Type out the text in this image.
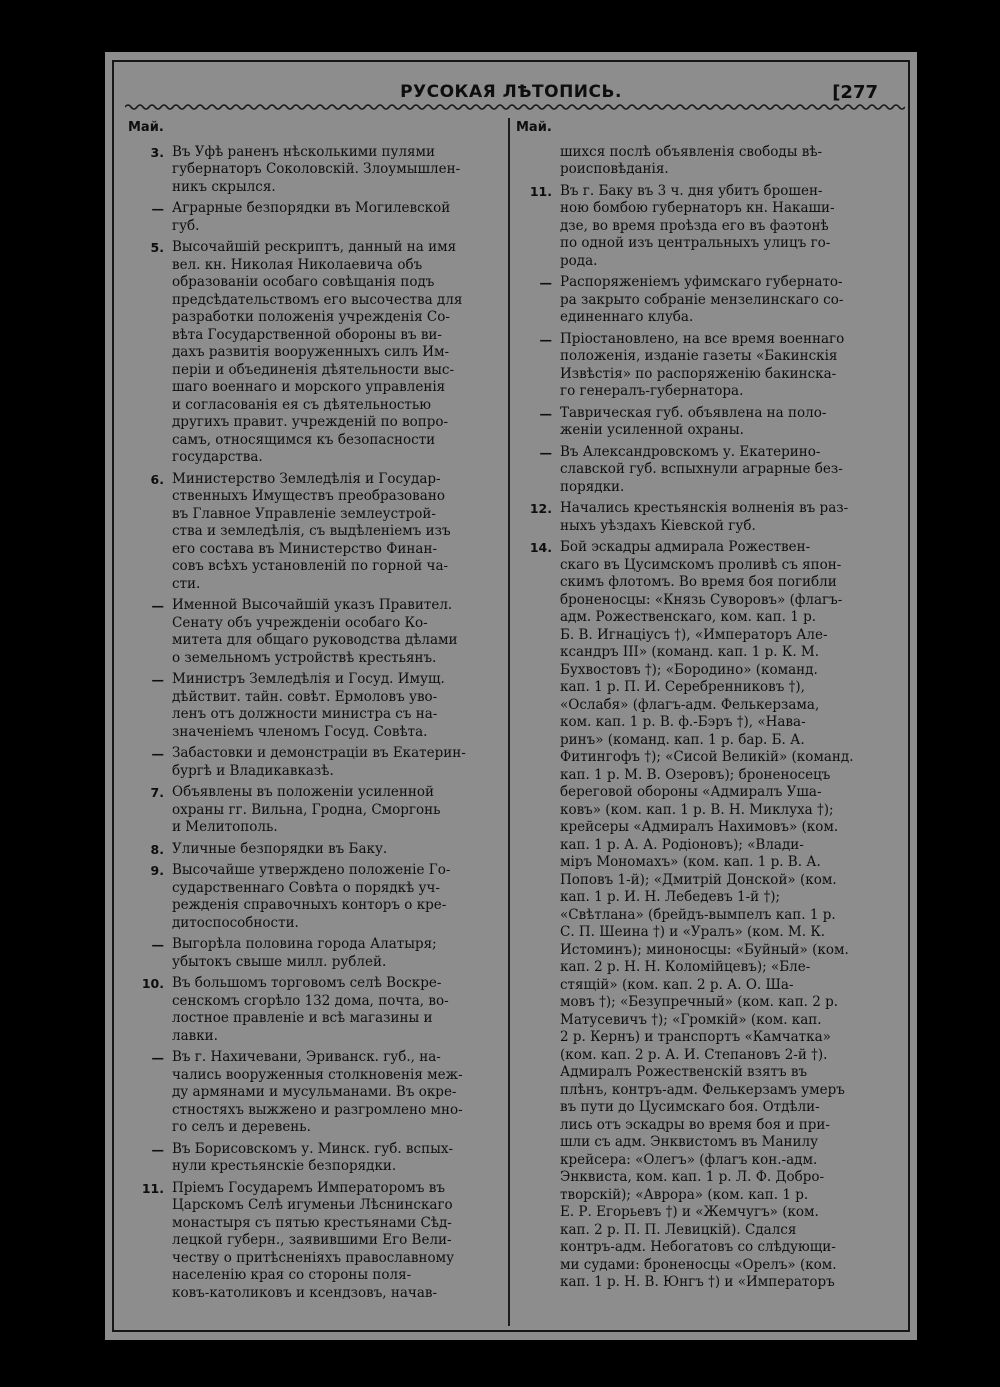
РУСОКАЯ ЛѢТОПИСЬ.	[277
Май.
3. Въ Уфѣ раненъ нѣсколькими пулями
губернаторъ Соколовскій. Злоумышлен-
никъ скрылся.
— Аграрные безпорядки въ Могилевской
губ.
5. Высочайшій рескриптъ, данный на имя
вел. кн. Николая Николаевича объ
образованіи особаго совѣщанія подъ
предсѣдательствомъ его высочества для
разработки положенія учрежденія Со-
вѣта Государственной обороны въ ви-
дахъ развитія вооруженныхъ силъ Им-
періи и объединенія дѣятельности выс-
шаго военнаго и морского управленія
и согласованія ея съ дѣятельностью
другихъ правит. учрежденій по вопро-
самъ, относящимся къ безопасности
государства.
6. Министерство Земледѣлія и Государ-
ственныхъ Имуществъ преобразовано
въ Главное Управленіе землеустрой-
ства и земледѣлія, съ выдѣленіемъ изъ
его состава въ Министерство Финан-
совъ всѣхъ установленій по горной ча-
сти.
— Именной Высочайшій указъ Правител.
Сенату объ учрежденіи особаго Ко-
митета для общаго руководства дѣлами
о земельномъ устройствѣ крестьянъ.
— Министръ Земледѣлія и Госуд. Имущ.
дѣйствит. тайн. совѣт. Ермоловъ уво-
ленъ отъ должности министра съ на-
значеніемъ членомъ Госуд. Совѣта.
— Забастовки и демонстраціи въ Екатерин-
бургѣ и Владикавказѣ.
7. Объявлены въ положеніи усиленной
охраны гг. Вильна, Гродна, Сморгонь
и Мелитополь.
8. Уличные безпорядки въ Баку.
9. Высочайше утверждено положеніе Го-
сударственнаго Совѣта о порядкѣ уч-
режденія справочныхъ конторъ о кре-
дитоспособности.
— Выгорѣла половина города Алатыря;
убытокъ свыше милл. рублей.
10. Въ большомъ торговомъ селѣ Воскре-
сенскомъ сгорѣло 132 дома, почта, во-
лостное правленіе и всѣ магазины и
лавки.
— Въ г. Нахичевани, Эриванск. губ., на-
чались вооруженныя столкновенія меж-
ду армянами и мусульманами. Въ окре-
стностяхъ выжжено и разгромлено мно-
го селъ и деревень.
— Въ Борисовскомъ у. Минск. губ. вспых-
нули крестьянскіе безпорядки.
11. Пріемъ Государемъ Императоромъ въ
Царскомъ Селѣ игуменьи Лѣснинскаго
монастыря съ пятью крестьянами Сѣд-
лецкой губерн., заявившими Его Вели-
честву о притѣсненіяхъ православному
населенію края со стороны поля-
ковъ-католиковъ и ксендзовъ, начав-
Май.
шихся послѣ объявленія свободы вѣ-
роисповѣданія.
11. Въ г. Баку въ 3 ч. дня убитъ брошен-
ною бомбою губернаторъ кн. Накаши-
дзе, во время проѣзда его въ фаэтонѣ
по одной изъ центральныхъ улицъ го-
рода.
— Распоряженіемъ уфимскаго губернато-
ра закрыто собраніе мензелинскаго со-
единеннаго клуба.
— Пріостановлено, на все время военнаго
положенія, изданіе газеты «Бакинскія
Извѣстія» по распоряженію бакинска-
го генералъ-губернатора.
— Таврическая губ. объявлена на поло-
женіи усиленной охраны.
— Въ Александровскомъ у. Екатерино-
славской губ. вспыхнули аграрные без-
порядки.
12. Начались крестьянскія волненія въ раз-
ныхъ уѣздахъ Кіевской губ.
14. Бой эскадры адмирала Рожествен-
скаго въ Цусимскомъ проливѣ съ япон-
скимъ флотомъ. Во время боя погибли
броненосцы: «Князь Суворовъ» (флагъ-
адм. Рожественскаго, ком. кап. 1 р.
Б. В. Игнаціусъ †), «Императоръ Але-
ксандръ III» (команд. кап. 1 р. К. М.
Бухвостовъ †); «Бородино» (команд.
кап. 1 р. П. И. Серебренниковъ †),
«Ослабя» (флагъ-адм. Фелькерзама,
ком. кап. 1 р. В. ф.-Бэръ †), «Нава-
ринъ» (команд. кап. 1 р. бар. Б. А.
Фитингофъ †); «Сисой Великій» (команд.
кап. 1 р. М. В. Озеровъ); броненосецъ
береговой обороны «Адмиралъ Ушa-
ковъ» (ком. кап. 1 р. В. Н. Миклуха †);
крейсеры «Адмиралъ Нахимовъ» (ком.
кап. 1 р. А. А. Родіоновъ); «Влади-
міръ Мономахъ» (ком. кап. 1 р. В. А.
Поповъ 1-й); «Дмитрій Донской» (ком.
кап. 1 р. И. Н. Лебедевъ 1-й †);
«Свѣтлана» (брейдъ-вымпелъ кап. 1 р.
С. П. Шеина †) и «Уралъ» (ком. М. К.
Истоминъ); миноносцы: «Буйный» (ком.
кап. 2 р. Н. Н. Коломійцевъ); «Бле-
стящій» (ком. кап. 2 р. А. О. Ша-
мовъ †); «Безупречный» (ком. кап. 2 р.
Матусевичъ †); «Громкій» (ком. кап.
2 р. Кернъ) и транспортъ «Камчатка»
(ком. кап. 2 р. А. И. Степановъ 2-й †).
Адмиралъ Рожественскій взятъ въ
плѣнъ, контръ-адм. Фелькерзамъ умеръ
въ пути до Цусимскаго боя. Отдѣли-
лись отъ эскадры во время боя и при-
шли съ адм. Энквистомъ въ Манилу
крейсера: «Олегъ» (флагъ кон.-адм.
Энквиста, ком. кап. 1 р. Л. Ф. Добро-
творскій); «Аврора» (ком. кап. 1 р.
Е. Р. Егорьевъ †) и «Жемчугъ» (ком.
кап. 2 р. П. П. Левицкій). Сдался
контръ-адм. Небогатовъ со слѣдующи-
ми судами: броненосцы «Орелъ» (ком.
кап. 1 р. Н. В. Юнгъ †) и «Императоръ
